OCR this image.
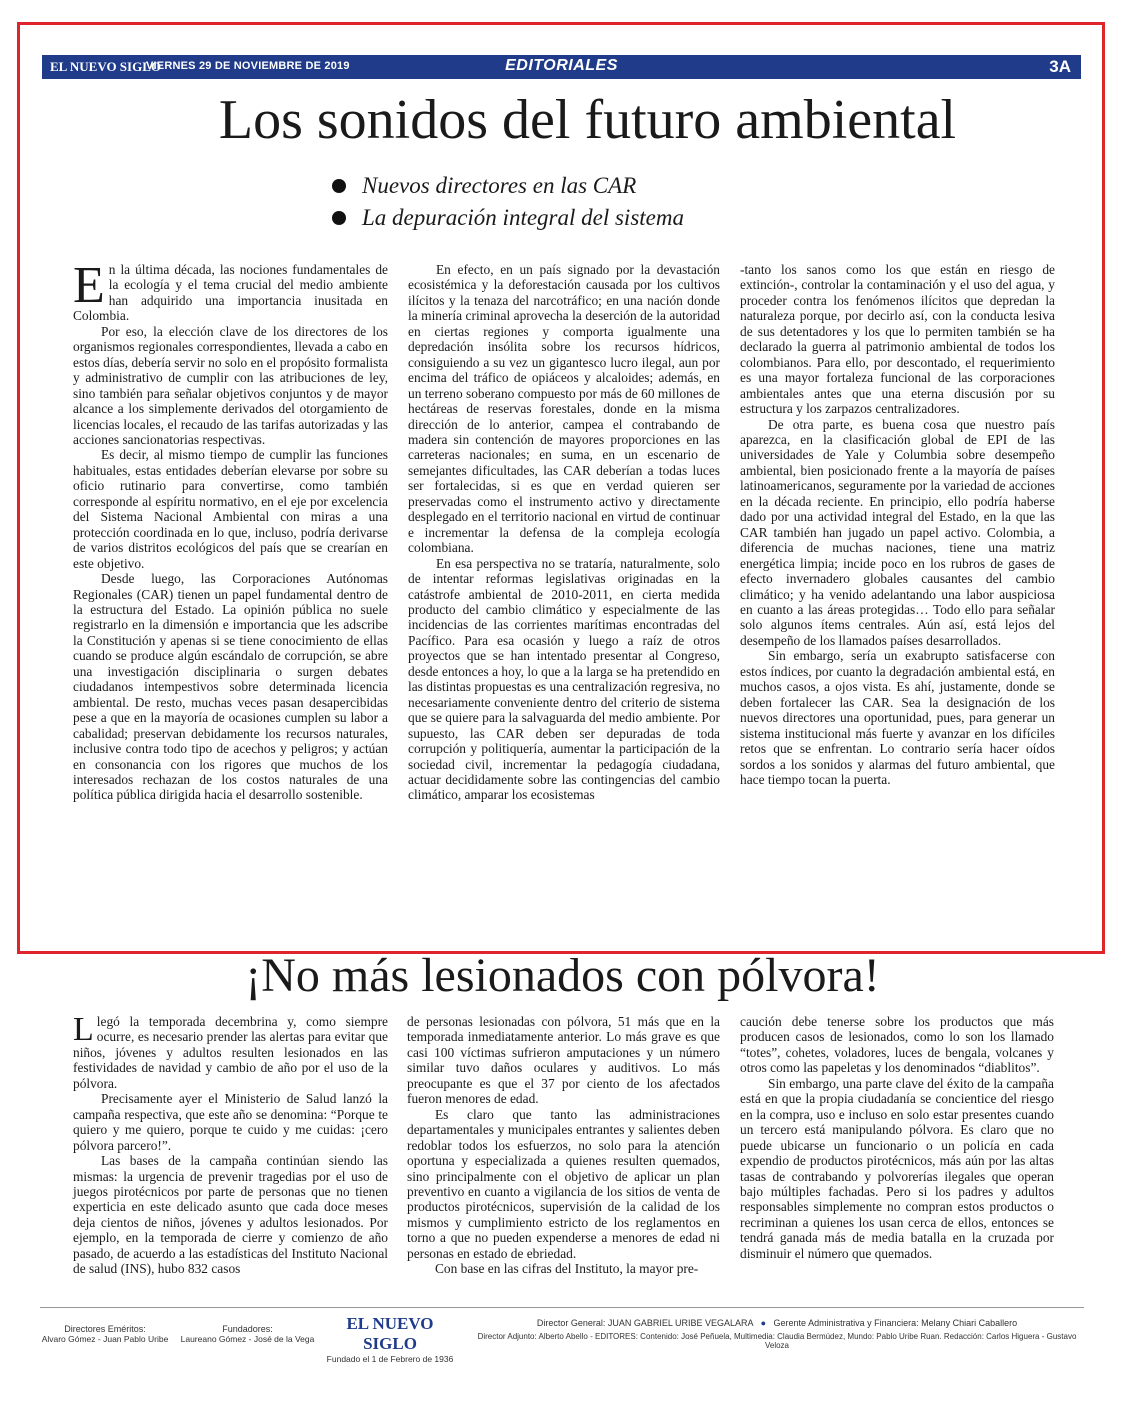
EL NUEVO SIGLO
VIERNES 29 DE NOVIEMBRE DE 2019	EDITORIALES	3A
Los sonidos del futuro ambiental
Nuevos directores en las CAR
La depuración integral del sistema

En la última década, las nociones fundamentales de la ecología y el tema crucial del medio ambiente han adquirido una importancia inusitada en Colombia.

Por eso, la elección clave de los directores de los organismos regionales correspondientes, llevada a cabo en estos días, debería servir no solo en el propósito formalista y administrativo de cumplir con las atribuciones de ley, sino también para señalar objetivos conjuntos y de mayor alcance a los simplemente derivados del otorgamiento de licencias locales, el recaudo de las tarifas autorizadas y las acciones sancionatorias respectivas.

Es decir, al mismo tiempo de cumplir las funciones habituales, estas entidades deberían elevarse por sobre su oficio rutinario para convertirse, como también corresponde al espíritu normativo, en el eje por excelencia del Sistema Nacional Ambiental con miras a una protección coordinada en lo que, incluso, podría derivarse de varios distritos ecológicos del país que se crearían en este objetivo.

Desde luego, las Corporaciones Autónomas Regionales (CAR) tienen un papel fundamental dentro de la estructura del Estado. La opinión pública no suele registrarlo en la dimensión e importancia que les adscribe la Constitución y apenas si se tiene conocimiento de ellas cuando se produce algún escándalo de corrupción, se abre una investigación disciplinaria o surgen debates ciudadanos intempestivos sobre determinada licencia ambiental. De resto, muchas veces pasan desapercibidas pese a que en la mayoría de ocasiones cumplen su labor a cabalidad; preservan debidamente los recursos naturales, inclusive contra todo tipo de acechos y peligros; y actúan en consonancia con los rigores que muchos de los interesados rechazan de los costos naturales de una política pública dirigida hacia el desarrollo sostenible.

En efecto, en un país signado por la devastación ecosistémica y la deforestación causada por los cultivos ilícitos y la tenaza del narcotráfico; en una nación donde la minería criminal aprovecha la deserción de la autoridad en ciertas regiones y comporta igualmente una depredación insólita sobre los recursos hídricos, consiguiendo a su vez un gigantesco lucro ilegal, aun por encima del tráfico de opiáceos y alcaloides; además, en un terreno soberano compuesto por más de 60 millones de hectáreas de reservas forestales, donde en la misma dirección de lo anterior, campea el contrabando de madera sin contención de mayores proporciones en las carreteras nacionales; en suma, en un escenario de semejantes dificultades, las CAR deberían a todas luces ser fortalecidas, si es que en verdad quieren ser preservadas como el instrumento activo y directamente desplegado en el territorio nacional en virtud de continuar e incrementar la defensa de la compleja ecología colombiana.

En esa perspectiva no se trataría, naturalmente, solo de intentar reformas legislativas originadas en la catástrofe ambiental de 2010-2011, en cierta medida producto del cambio climático y especialmente de las incidencias de las corrientes marítimas encontradas del Pacífico. Para esa ocasión y luego a raíz de otros proyectos que se han intentado presentar al Congreso, desde entonces a hoy, lo que a la larga se ha pretendido en las distintas propuestas es una centralización regresiva, no necesariamente conveniente dentro del criterio de sistema que se quiere para la salvaguarda del medio ambiente. Por supuesto, las CAR deben ser depuradas de toda corrupción y politiquería, aumentar la participación de la sociedad civil, incrementar la pedagogía ciudadana, actuar decididamente sobre las contingencias del cambio climático, amparar los ecosistemas

-tanto los sanos como los que están en riesgo de extinción-, controlar la contaminación y el uso del agua, y proceder contra los fenómenos ilícitos que depredan la naturaleza porque, por decirlo así, con la conducta lesiva de sus detentadores y los que lo permiten también se ha declarado la guerra al patrimonio ambiental de todos los colombianos. Para ello, por descontado, el requerimiento es una mayor fortaleza funcional de las corporaciones ambientales antes que una eterna discusión por su estructura y los zarpazos centralizadores.

De otra parte, es buena cosa que nuestro país aparezca, en la clasificación global de EPI de las universidades de Yale y Columbia sobre desempeño ambiental, bien posicionado frente a la mayoría de países latinoamericanos, seguramente por la variedad de acciones en la década reciente. En principio, ello podría haberse dado por una actividad integral del Estado, en la que las CAR también han jugado un papel activo. Colombia, a diferencia de muchas naciones, tiene una matriz energética limpia; incide poco en los rubros de gases de efecto invernadero globales causantes del cambio climático; y ha venido adelantando una labor auspiciosa en cuanto a las áreas protegidas… Todo ello para señalar solo algunos ítems centrales. Aún así, está lejos del desempeño de los llamados países desarrollados.

Sin embargo, sería un exabrupto satisfacerse con estos índices, por cuanto la degradación ambiental está, en muchos casos, a ojos vista. Es ahí, justamente, donde se deben fortalecer las CAR. Sea la designación de los nuevos directores una oportunidad, pues, para generar un sistema institucional más fuerte y avanzar en los difíciles retos que se enfrentan. Lo contrario sería hacer oídos sordos a los sonidos y alarmas del futuro ambiental, que hace tiempo tocan la puerta.

¡No más lesionados con pólvora!

Llegó la temporada decembrina y, como siempre ocurre, es necesario prender las alertas para evitar que niños, jóvenes y adultos resulten lesionados en las festividades de navidad y cambio de año por el uso de la pólvora.

Precisamente ayer el Ministerio de Salud lanzó la campaña respectiva, que este año se denomina: “Porque te quiero y me quiero, porque te cuido y me cuidas: ¡cero pólvora parcero!”.

Las bases de la campaña continúan siendo las mismas: la urgencia de prevenir tragedias por el uso de juegos pirotécnicos por parte de personas que no tienen experticia en este delicado asunto que cada doce meses deja cientos de niños, jóvenes y adultos lesionados. Por ejemplo, en la temporada de cierre y comienzo de año pasado, de acuerdo a las estadísticas del Instituto Nacional de salud (INS), hubo 832 casos

de personas lesionadas con pólvora, 51 más que en la temporada inmediatamente anterior. Lo más grave es que casi 100 víctimas sufrieron amputaciones y un número similar tuvo daños oculares y auditivos. Lo más preocupante es que el 37 por ciento de los afectados fueron menores de edad.

Es claro que tanto las administraciones departamentales y municipales entrantes y salientes deben redoblar todos los esfuerzos, no solo para la atención oportuna y especializada a quienes resulten quemados, sino principalmente con el objetivo de aplicar un plan preventivo en cuanto a vigilancia de los sitios de venta de productos pirotécnicos, supervisión de la calidad de los mismos y cumplimiento estricto de los reglamentos en torno a que no pueden expenderse a menores de edad ni personas en estado de ebriedad.

Con base en las cifras del Instituto, la mayor pre-

caución debe tenerse sobre los productos que más producen casos de lesionados, como lo son los llamado “totes”, cohetes, voladores, luces de bengala, volcanes y otros como las papeletas y los denominados “diablitos”.

Sin embargo, una parte clave del éxito de la campaña está en que la propia ciudadanía se concientice del riesgo en la compra, uso e incluso en solo estar presentes cuando un tercero está manipulando pólvora. Es claro que no puede ubicarse un funcionario o un policía en cada expendio de productos pirotécnicos, más aún por las altas tasas de contrabando y polvorerías ilegales que operan bajo múltiples fachadas. Pero si los padres y adultos responsables simplemente no compran estos productos o recriminan a quienes los usan cerca de ellos, entonces se tendrá ganada más de media batalla en la cruzada por disminuir el número que quemados.

Directores Eméritos:
Alvaro Gómez - Juan Pablo Uribe
Fundadores:
Laureano Gómez - José de la Vega
EL NUEVO SIGLO
Fundado el 1 de Febrero de 1936
Director General: JUAN GABRIEL URIBE VEGALARA ● Gerente Administrativa y Financiera: Melany Chiari Caballero
Director Adjunto: Alberto Abello - EDITORES: Contenido: José Peñuela, Multimedia: Claudia Bermúdez, Mundo: Pablo Uribe Ruan. Redacción: Carlos Higuera - Gustavo Veloza
